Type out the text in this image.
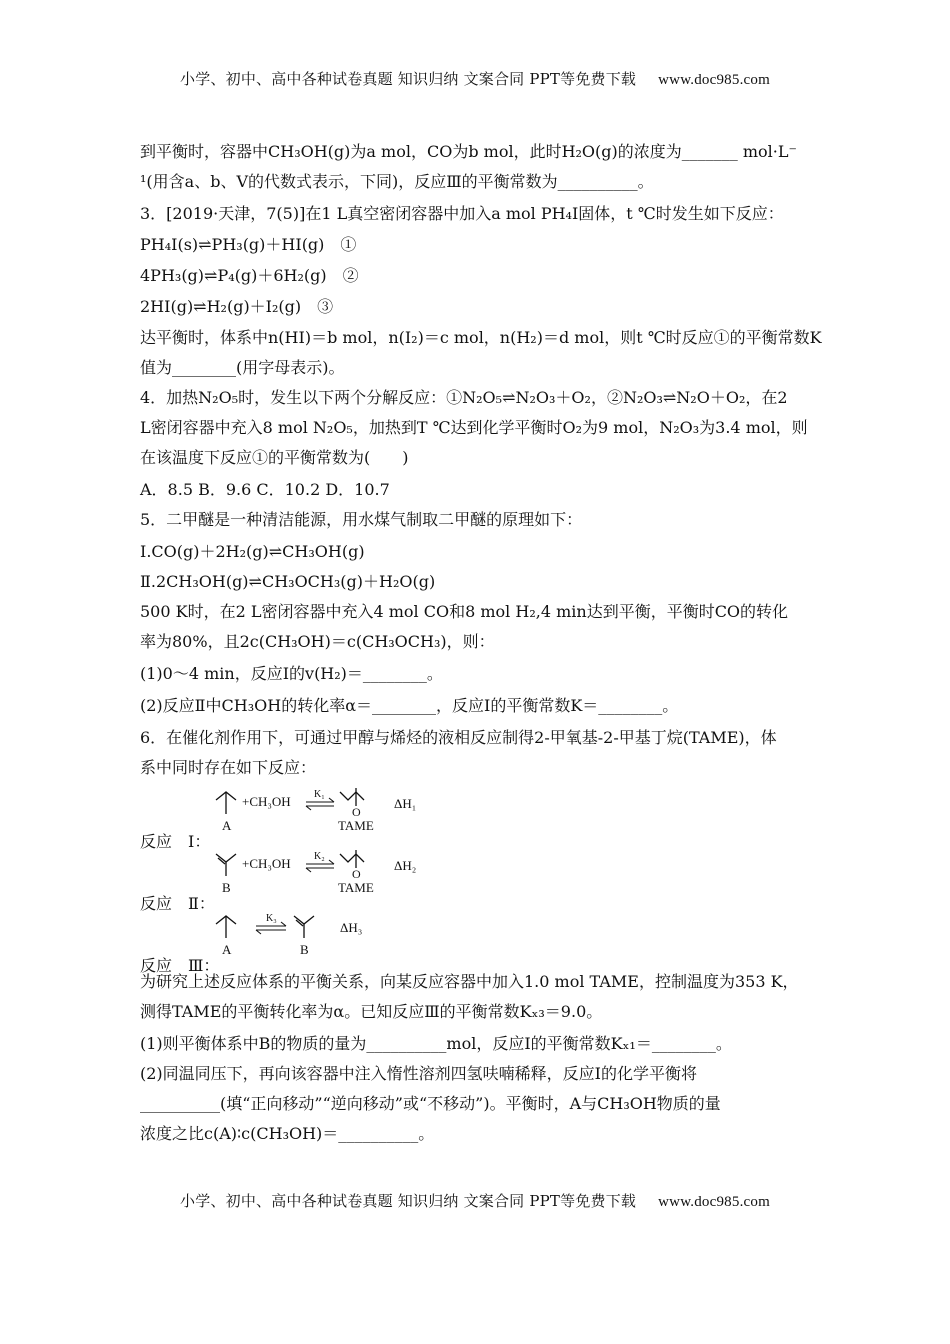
小学、初中、高中各种试卷真题 知识归纳 文案合同 PPT等免费下载 www.doc985.com
到平衡时，容器中CH₃OH(g)为a mol，CO为b mol，此时H₂O(g)的浓度为_______ mol·L⁻
¹(用含a、b、V的代数式表示，下同)，反应Ⅲ的平衡常数为__________。
3．[2019·天津，7(5)]在1 L真空密闭容器中加入a mol PH₄I固体，t ℃时发生如下反应：
PH₄I(s)⇌PH₃(g)＋HI(g)　①
4PH₃(g)⇌P₄(g)＋6H₂(g)　②
2HI(g)⇌H₂(g)＋I₂(g)　③
达平衡时，体系中n(HI)＝b mol，n(I₂)＝c mol，n(H₂)＝d mol，则t ℃时反应①的平衡常数K
值为________(用字母表示)。
4．加热N₂O₅时，发生以下两个分解反应：①N₂O₅⇌N₂O₃＋O₂，②N₂O₃⇌N₂O＋O₂，在2
L密闭容器中充入8 mol N₂O₅，加热到T ℃达到化学平衡时O₂为9 mol，N₂O₃为3.4 mol，则
在该温度下反应①的平衡常数为(　　)
A．8.5 B．9.6 C．10.2 D．10.7
5．二甲醚是一种清洁能源，用水煤气制取二甲醚的原理如下：
Ⅰ.CO(g)＋2H₂(g)⇌CH₃OH(g)
Ⅱ.2CH₃OH(g)⇌CH₃OCH₃(g)＋H₂O(g)
500 K时，在2 L密闭容器中充入4 mol CO和8 mol H₂,4 min达到平衡，平衡时CO的转化
率为80%，且2c(CH₃OH)＝c(CH₃OCH₃)，则：
(1)0～4 min，反应Ⅰ的v(H₂)＝________。
(2)反应Ⅱ中CH₃OH的转化率α＝________，反应Ⅰ的平衡常数K＝________。
6．在催化剂作用下，可通过甲醇与烯烃的液相反应制得2-甲氧基-2-甲基丁烷(TAME)，体
系中同时存在如下反应：
反应　Ⅰ：
A
+CH₃OH K₁
O
TAME
ΔH₁
反应　Ⅱ：
B
+CH₃OH K₂
O
TAME
ΔH₂
反应　Ⅲ：
A
K₃
B
ΔH₃
为研究上述反应体系的平衡关系，向某反应容器中加入1.0 mol TAME，控制温度为353 K，
测得TAME的平衡转化率为α。已知反应Ⅲ的平衡常数Kₓ₃＝9.0。
(1)则平衡体系中B的物质的量为__________mol，反应Ⅰ的平衡常数Kₓ₁＝________。
(2)同温同压下，再向该容器中注入惰性溶剂四氢呋喃稀释，反应Ⅰ的化学平衡将
__________(填“正向移动”“逆向移动”或“不移动”)。平衡时，A与CH₃OH物质的量
浓度之比c(A)∶c(CH₃OH)＝__________。
小学、初中、高中各种试卷真题 知识归纳 文案合同 PPT等免费下载 www.doc985.com
